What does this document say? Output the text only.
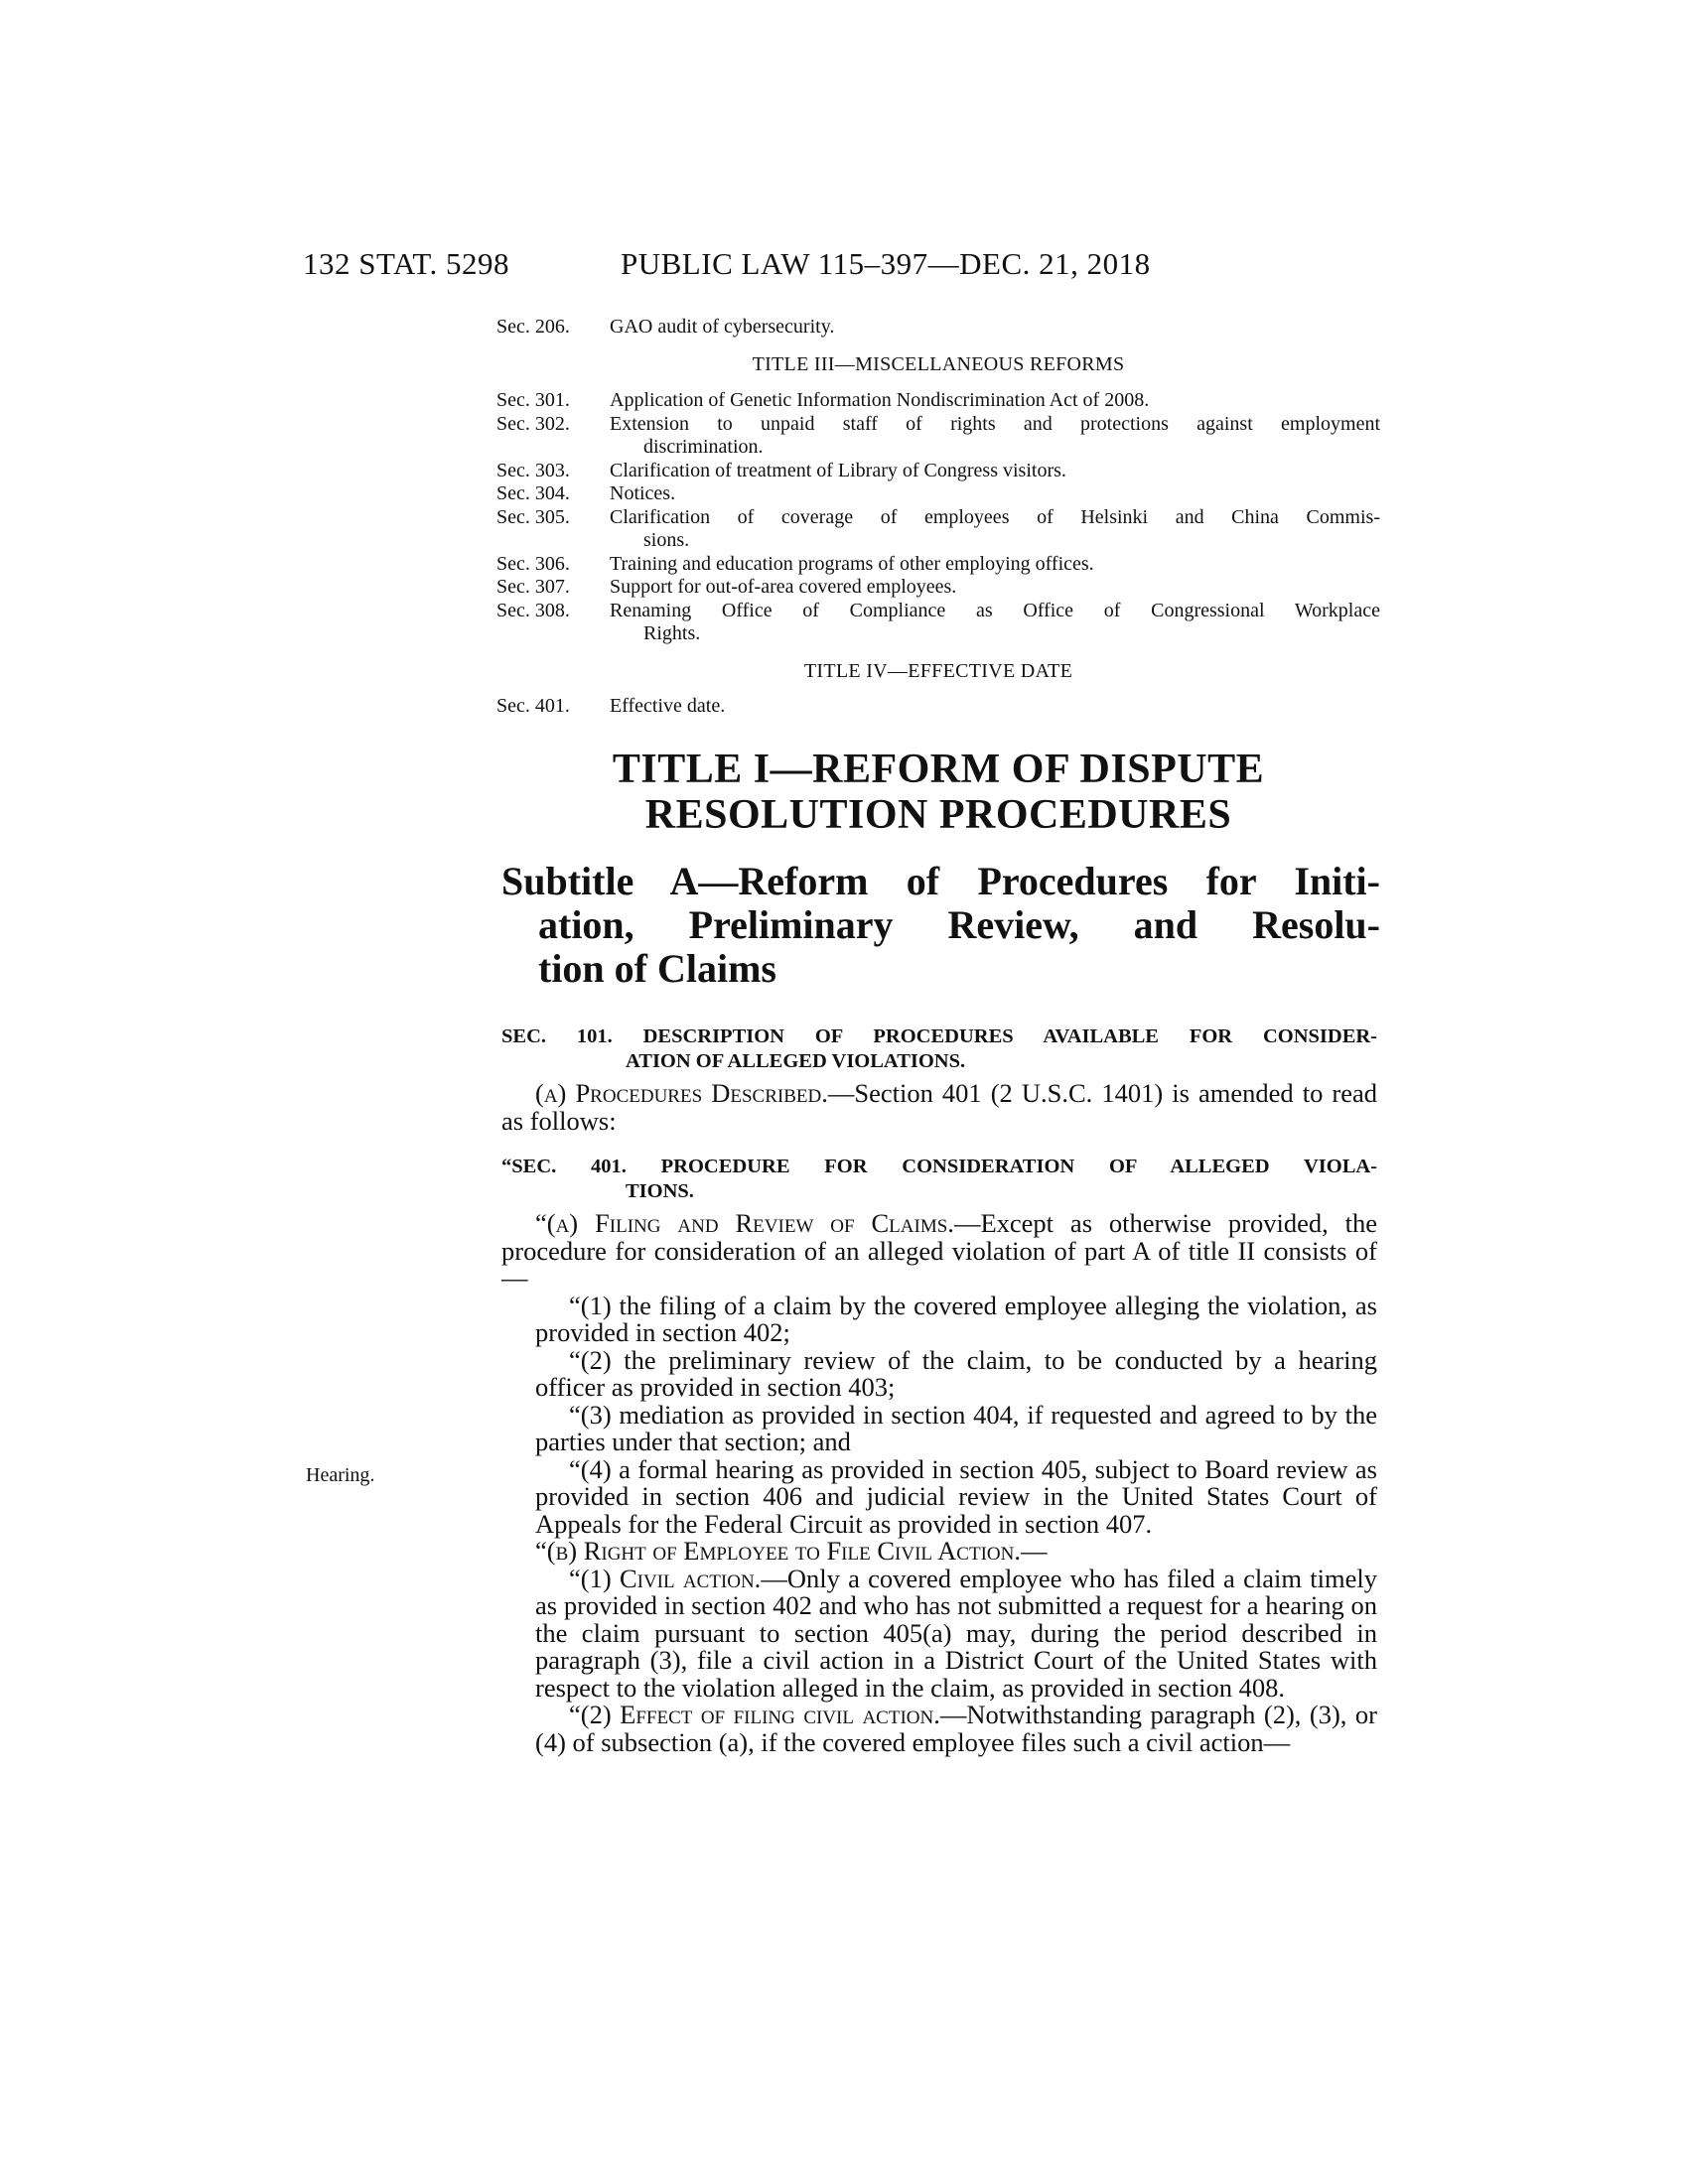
132 STAT. 5298	PUBLIC LAW 115–397—DEC. 21, 2018
Sec. 206. GAO audit of cybersecurity.
TITLE III—MISCELLANEOUS REFORMS
Sec. 301. Application of Genetic Information Nondiscrimination Act of 2008.
Sec. 302. Extension to unpaid staff of rights and protections against employment
discrimination.
Sec. 303. Clarification of treatment of Library of Congress visitors.
Sec. 304. Notices.
Sec. 305. Clarification of coverage of employees of Helsinki and China Commis-
sions.
Sec. 306. Training and education programs of other employing offices.
Sec. 307. Support for out-of-area covered employees.
Sec. 308. Renaming Office of Compliance as Office of Congressional Workplace
Rights.
TITLE IV—EFFECTIVE DATE
Sec. 401. Effective date.
TITLE I—REFORM OF DISPUTE
RESOLUTION PROCEDURES
Subtitle A—Reform of Procedures for Initi-
ation, Preliminary Review, and Resolu-
tion of Claims
SEC. 101. DESCRIPTION OF PROCEDURES AVAILABLE FOR CONSIDER-
ATION OF ALLEGED VIOLATIONS.
(a) Procedures Described.—Section 401 (2 U.S.C. 1401) is amended to read as follows:
“SEC. 401. PROCEDURE FOR CONSIDERATION OF ALLEGED VIOLA-
TIONS.
“(a) Filing and Review of Claims.—Except as otherwise provided, the procedure for consideration of an alleged violation of part A of title II consists of—
“(1) the filing of a claim by the covered employee alleging the violation, as provided in section 402;
“(2) the preliminary review of the claim, to be conducted by a hearing officer as provided in section 403;
“(3) mediation as provided in section 404, if requested and agreed to by the parties under that section; and
“(4) a formal hearing as provided in section 405, subject to Board review as provided in section 406 and judicial review in the United States Court of Appeals for the Federal Circuit as provided in section 407.
“(b) Right of Employee to File Civil Action.—
“(1) Civil action.—Only a covered employee who has filed a claim timely as provided in section 402 and who has not submitted a request for a hearing on the claim pursuant to section 405(a) may, during the period described in paragraph (3), file a civil action in a District Court of the United States with respect to the violation alleged in the claim, as provided in section 408.
“(2) Effect of filing civil action.—Notwithstanding paragraph (2), (3), or (4) of subsection (a), if the covered employee files such a civil action—
Hearing.
